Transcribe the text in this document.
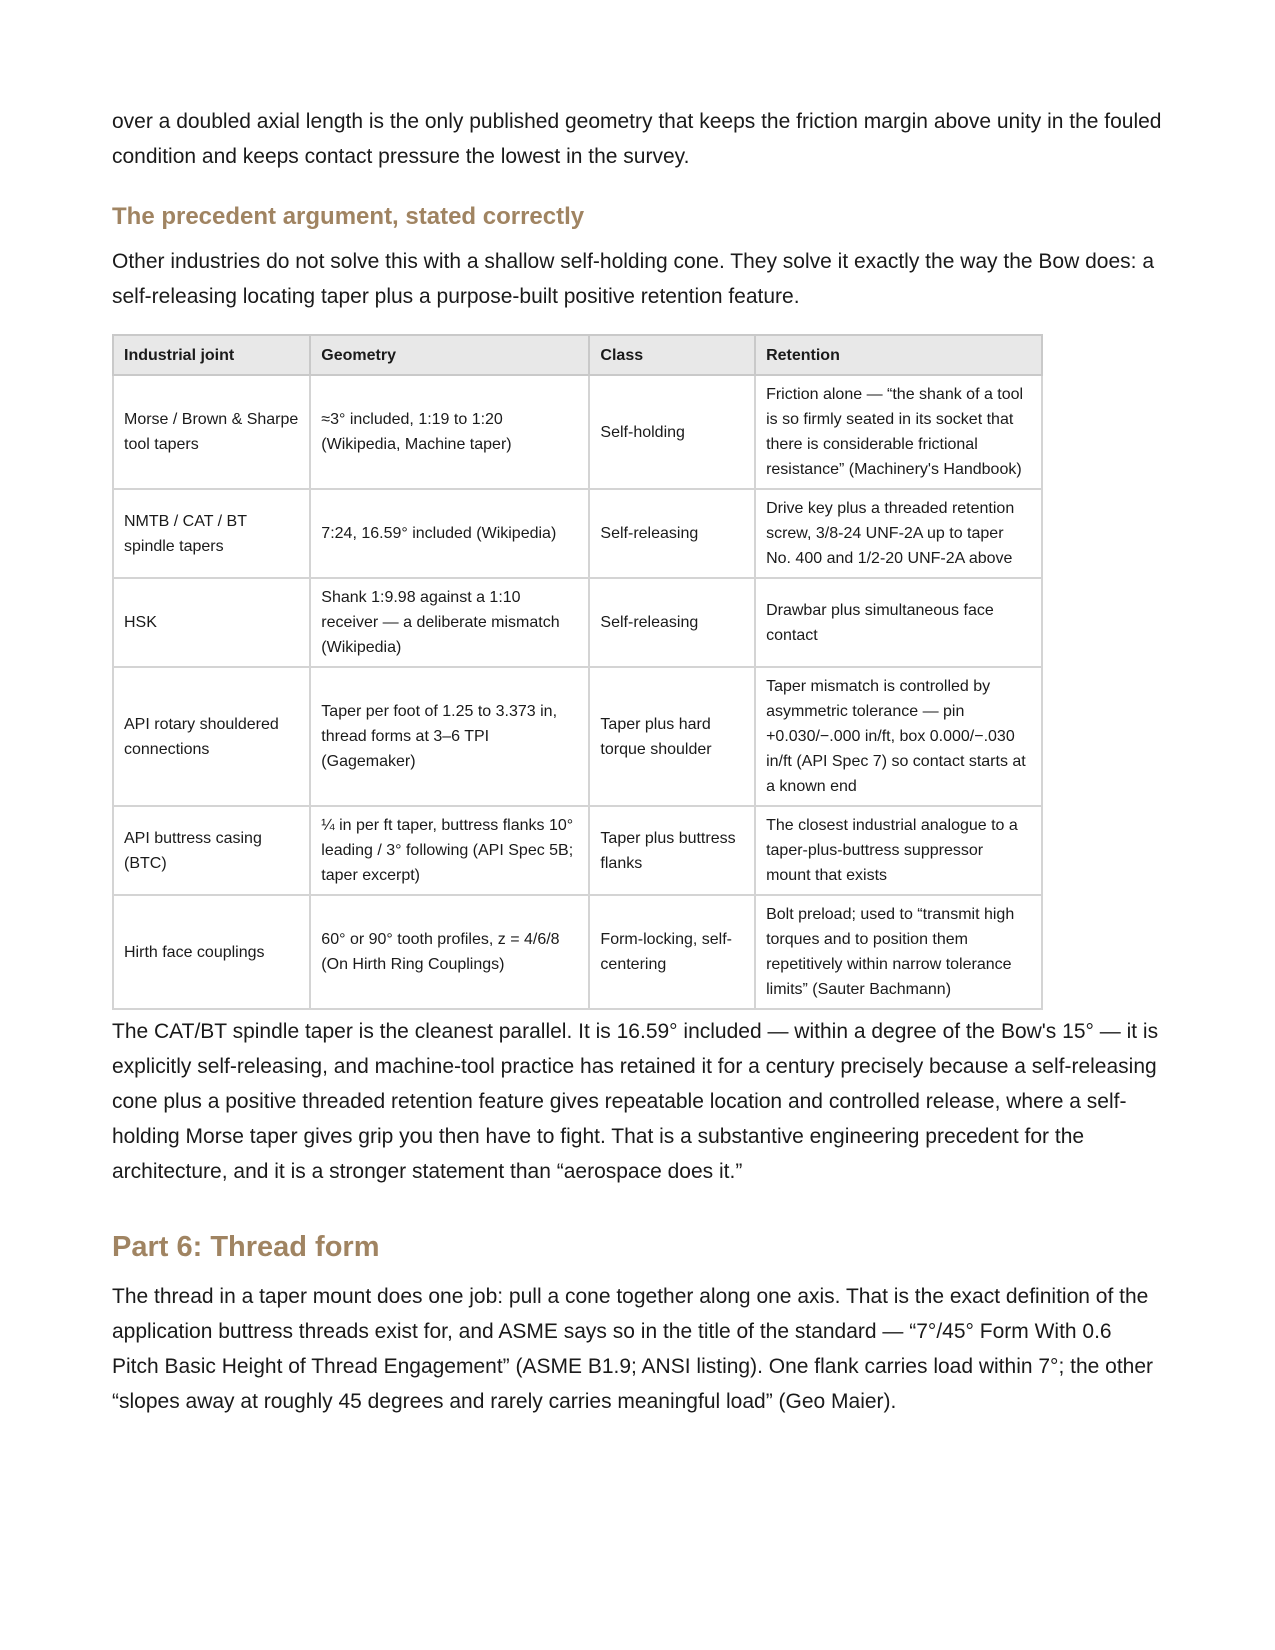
over a doubled axial length is the only published geometry that keeps the friction margin above unity in the fouled condition and keeps contact pressure the lowest in the survey.

The precedent argument, stated correctly

Other industries do not solve this with a shallow self-holding cone. They solve it exactly the way the Bow does: a self-releasing locating taper plus a purpose-built positive retention feature.

Industrial joint	Geometry	Class	Retention
Morse / Brown & Sharpe tool tapers	≈3° included, 1:19 to 1:20 (Wikipedia, Machine taper)	Self-holding	Friction alone — “the shank of a tool is so firmly seated in its socket that there is considerable frictional resistance” (Machinery's Handbook)
NMTB / CAT / BT spindle tapers	7:24, 16.59° included (Wikipedia)	Self-releasing	Drive key plus a threaded retention screw, 3/8-24 UNF-2A up to taper No. 400 and 1/2-20 UNF-2A above
HSK	Shank 1:9.98 against a 1:10 receiver — a deliberate mismatch (Wikipedia)	Self-releasing	Drawbar plus simultaneous face contact
API rotary shouldered connections	Taper per foot of 1.25 to 3.373 in, thread forms at 3–6 TPI (Gagemaker)	Taper plus hard torque shoulder	Taper mismatch is controlled by asymmetric tolerance — pin +0.030/−.000 in/ft, box 0.000/−.030 in/ft (API Spec 7) so contact starts at a known end
API buttress casing (BTC)	¼ in per ft taper, buttress flanks 10° leading / 3° following (API Spec 5B; taper excerpt)	Taper plus buttress flanks	The closest industrial analogue to a taper-plus-buttress suppressor mount that exists
Hirth face couplings	60° or 90° tooth profiles, z = 4/6/8 (On Hirth Ring Couplings)	Form-locking, self-centering	Bolt preload; used to “transmit high torques and to position them repetitively within narrow tolerance limits” (Sauter Bachmann)

The CAT/BT spindle taper is the cleanest parallel. It is 16.59° included — within a degree of the Bow's 15° — it is explicitly self-releasing, and machine-tool practice has retained it for a century precisely because a self-releasing cone plus a positive threaded retention feature gives repeatable location and controlled release, where a self-holding Morse taper gives grip you then have to fight. That is a substantive engineering precedent for the architecture, and it is a stronger statement than “aerospace does it.”

Part 6: Thread form

The thread in a taper mount does one job: pull a cone together along one axis. That is the exact definition of the application buttress threads exist for, and ASME says so in the title of the standard — “7°/45° Form With 0.6 Pitch Basic Height of Thread Engagement” (ASME B1.9; ANSI listing). One flank carries load within 7°; the other “slopes away at roughly 45 degrees and rarely carries meaningful load” (Geo Maier).
